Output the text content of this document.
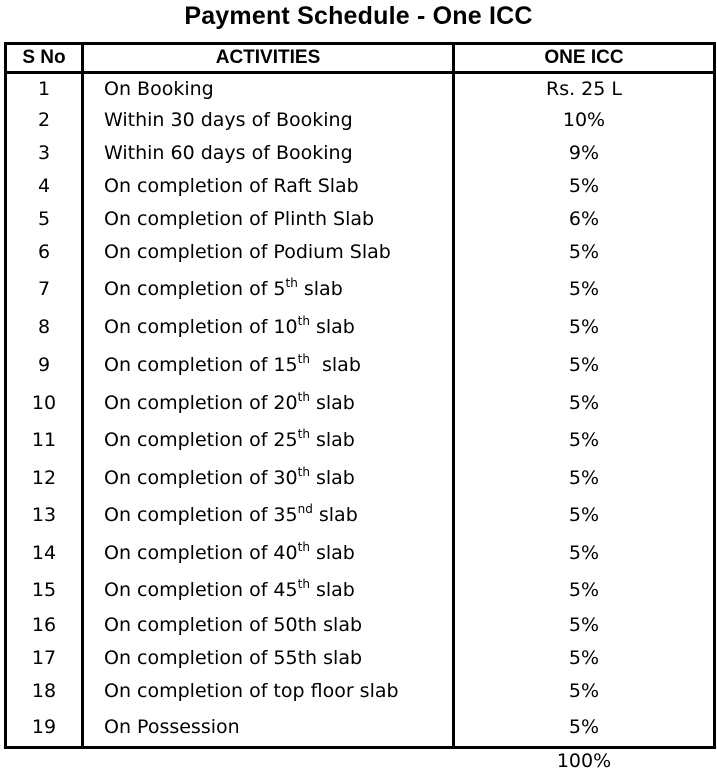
Payment Schedule - One ICC
S No	ACTIVITIES	ONE ICC
1	On Booking	Rs. 25 L
2	Within 30 days of Booking	10%
3	Within 60 days of Booking	9%
4	On completion of Raft Slab	5%
5	On completion of Plinth Slab	6%
6	On completion of Podium Slab	5%
7	On completion of 5th slab	5%
8	On completion of 10th slab	5%
9	On completion of 15th  slab	5%
10	On completion of 20th slab	5%
11	On completion of 25th slab	5%
12	On completion of 30th slab	5%
13	On completion of 35nd slab	5%
14	On completion of 40th slab	5%
15	On completion of 45th slab	5%
16	On completion of 50th slab	5%
17	On completion of 55th slab	5%
18	On completion of top floor slab	5%
19	On Possession	5%
		100%
